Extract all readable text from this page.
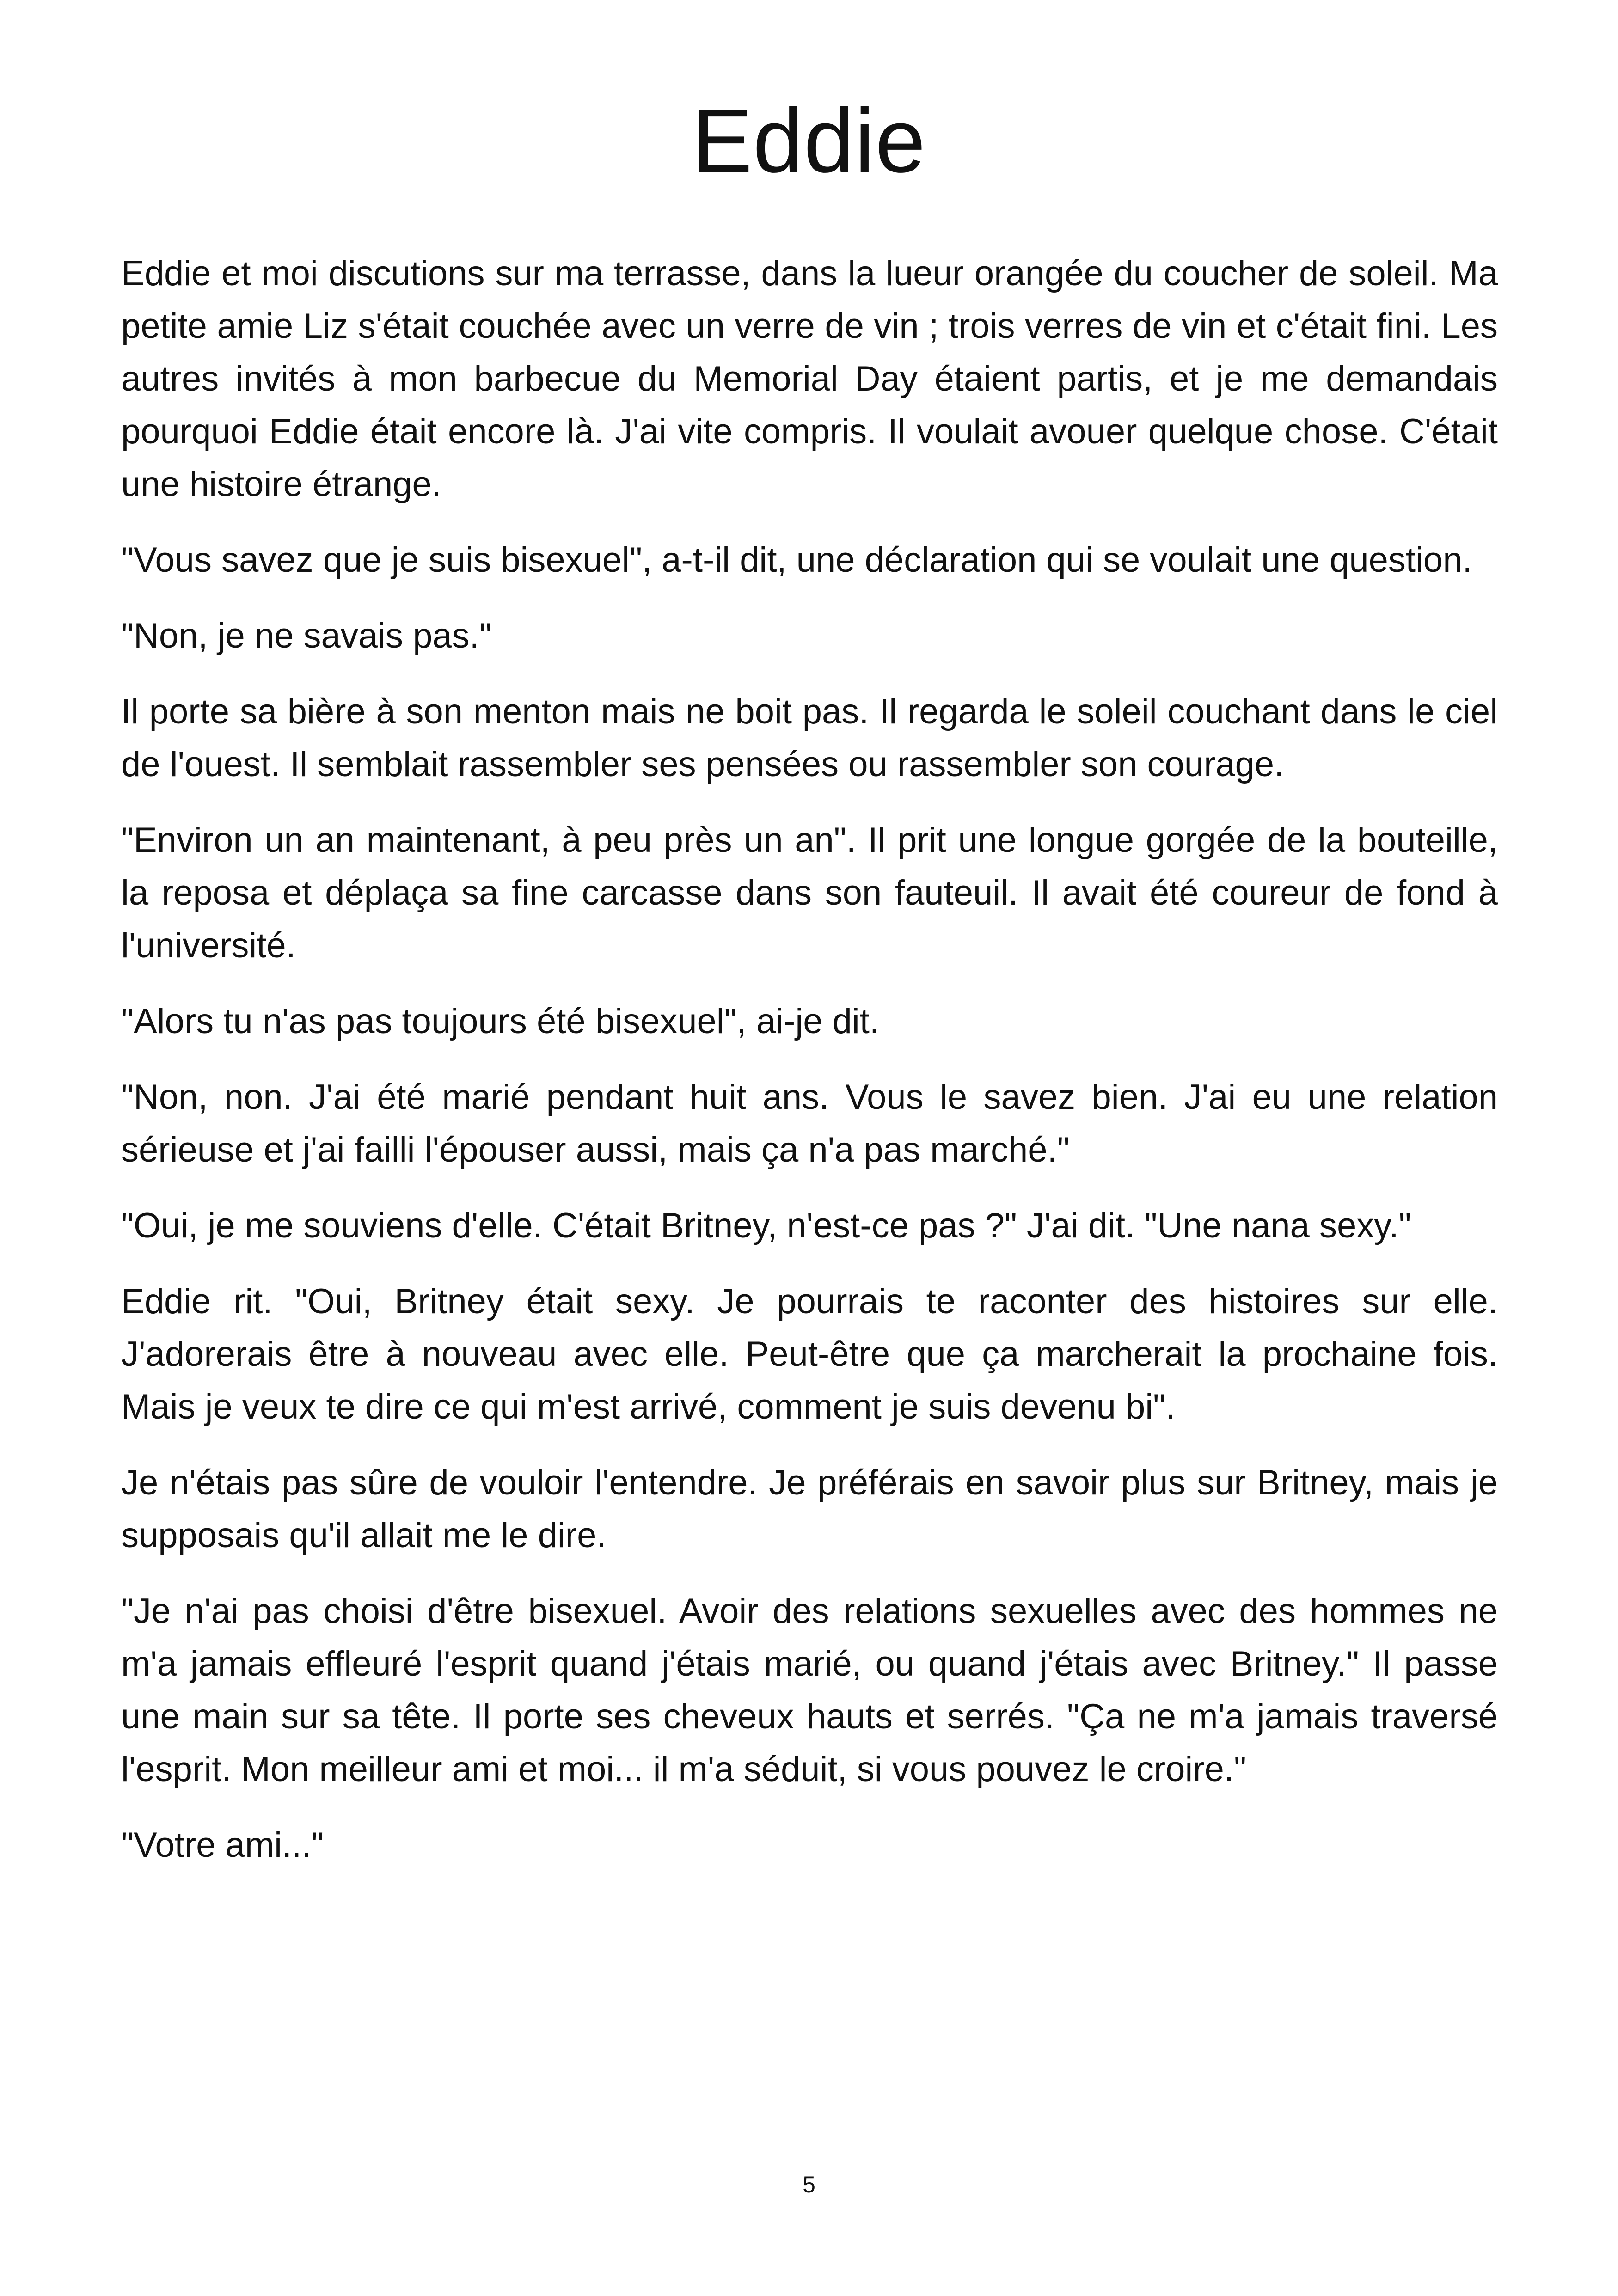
Eddie

Eddie et moi discutions sur ma terrasse, dans la lueur orangée du coucher de soleil. Ma petite amie Liz s'était couchée avec un verre de vin ; trois verres de vin et c'était fini. Les autres invités à mon barbecue du Memorial Day étaient partis, et je me demandais pourquoi Eddie était encore là. J'ai vite compris. Il voulait avouer quelque chose. C'était une histoire étrange.

"Vous savez que je suis bisexuel", a-t-il dit, une déclaration qui se voulait une question.

"Non, je ne savais pas."

Il porte sa bière à son menton mais ne boit pas. Il regarda le soleil couchant dans le ciel de l'ouest. Il semblait rassembler ses pensées ou rassembler son courage.

"Environ un an maintenant, à peu près un an". Il prit une longue gorgée de la bouteille, la reposa et déplaça sa fine carcasse dans son fauteuil. Il avait été coureur de fond à l'université.

"Alors tu n'as pas toujours été bisexuel", ai-je dit.

"Non, non. J'ai été marié pendant huit ans. Vous le savez bien. J'ai eu une relation sérieuse et j'ai failli l'épouser aussi, mais ça n'a pas marché."

"Oui, je me souviens d'elle. C'était Britney, n'est-ce pas ?" J'ai dit. "Une nana sexy."

Eddie rit. "Oui, Britney était sexy. Je pourrais te raconter des histoires sur elle. J'adorerais être à nouveau avec elle. Peut-être que ça marcherait la prochaine fois. Mais je veux te dire ce qui m'est arrivé, comment je suis devenu bi".

Je n'étais pas sûre de vouloir l'entendre. Je préférais en savoir plus sur Britney, mais je supposais qu'il allait me le dire.

"Je n'ai pas choisi d'être bisexuel. Avoir des relations sexuelles avec des hommes ne m'a jamais effleuré l'esprit quand j'étais marié, ou quand j'étais avec Britney." Il passe une main sur sa tête. Il porte ses cheveux hauts et serrés. "Ça ne m'a jamais traversé l'esprit. Mon meilleur ami et moi... il m'a séduit, si vous pouvez le croire."

"Votre ami..."

5
